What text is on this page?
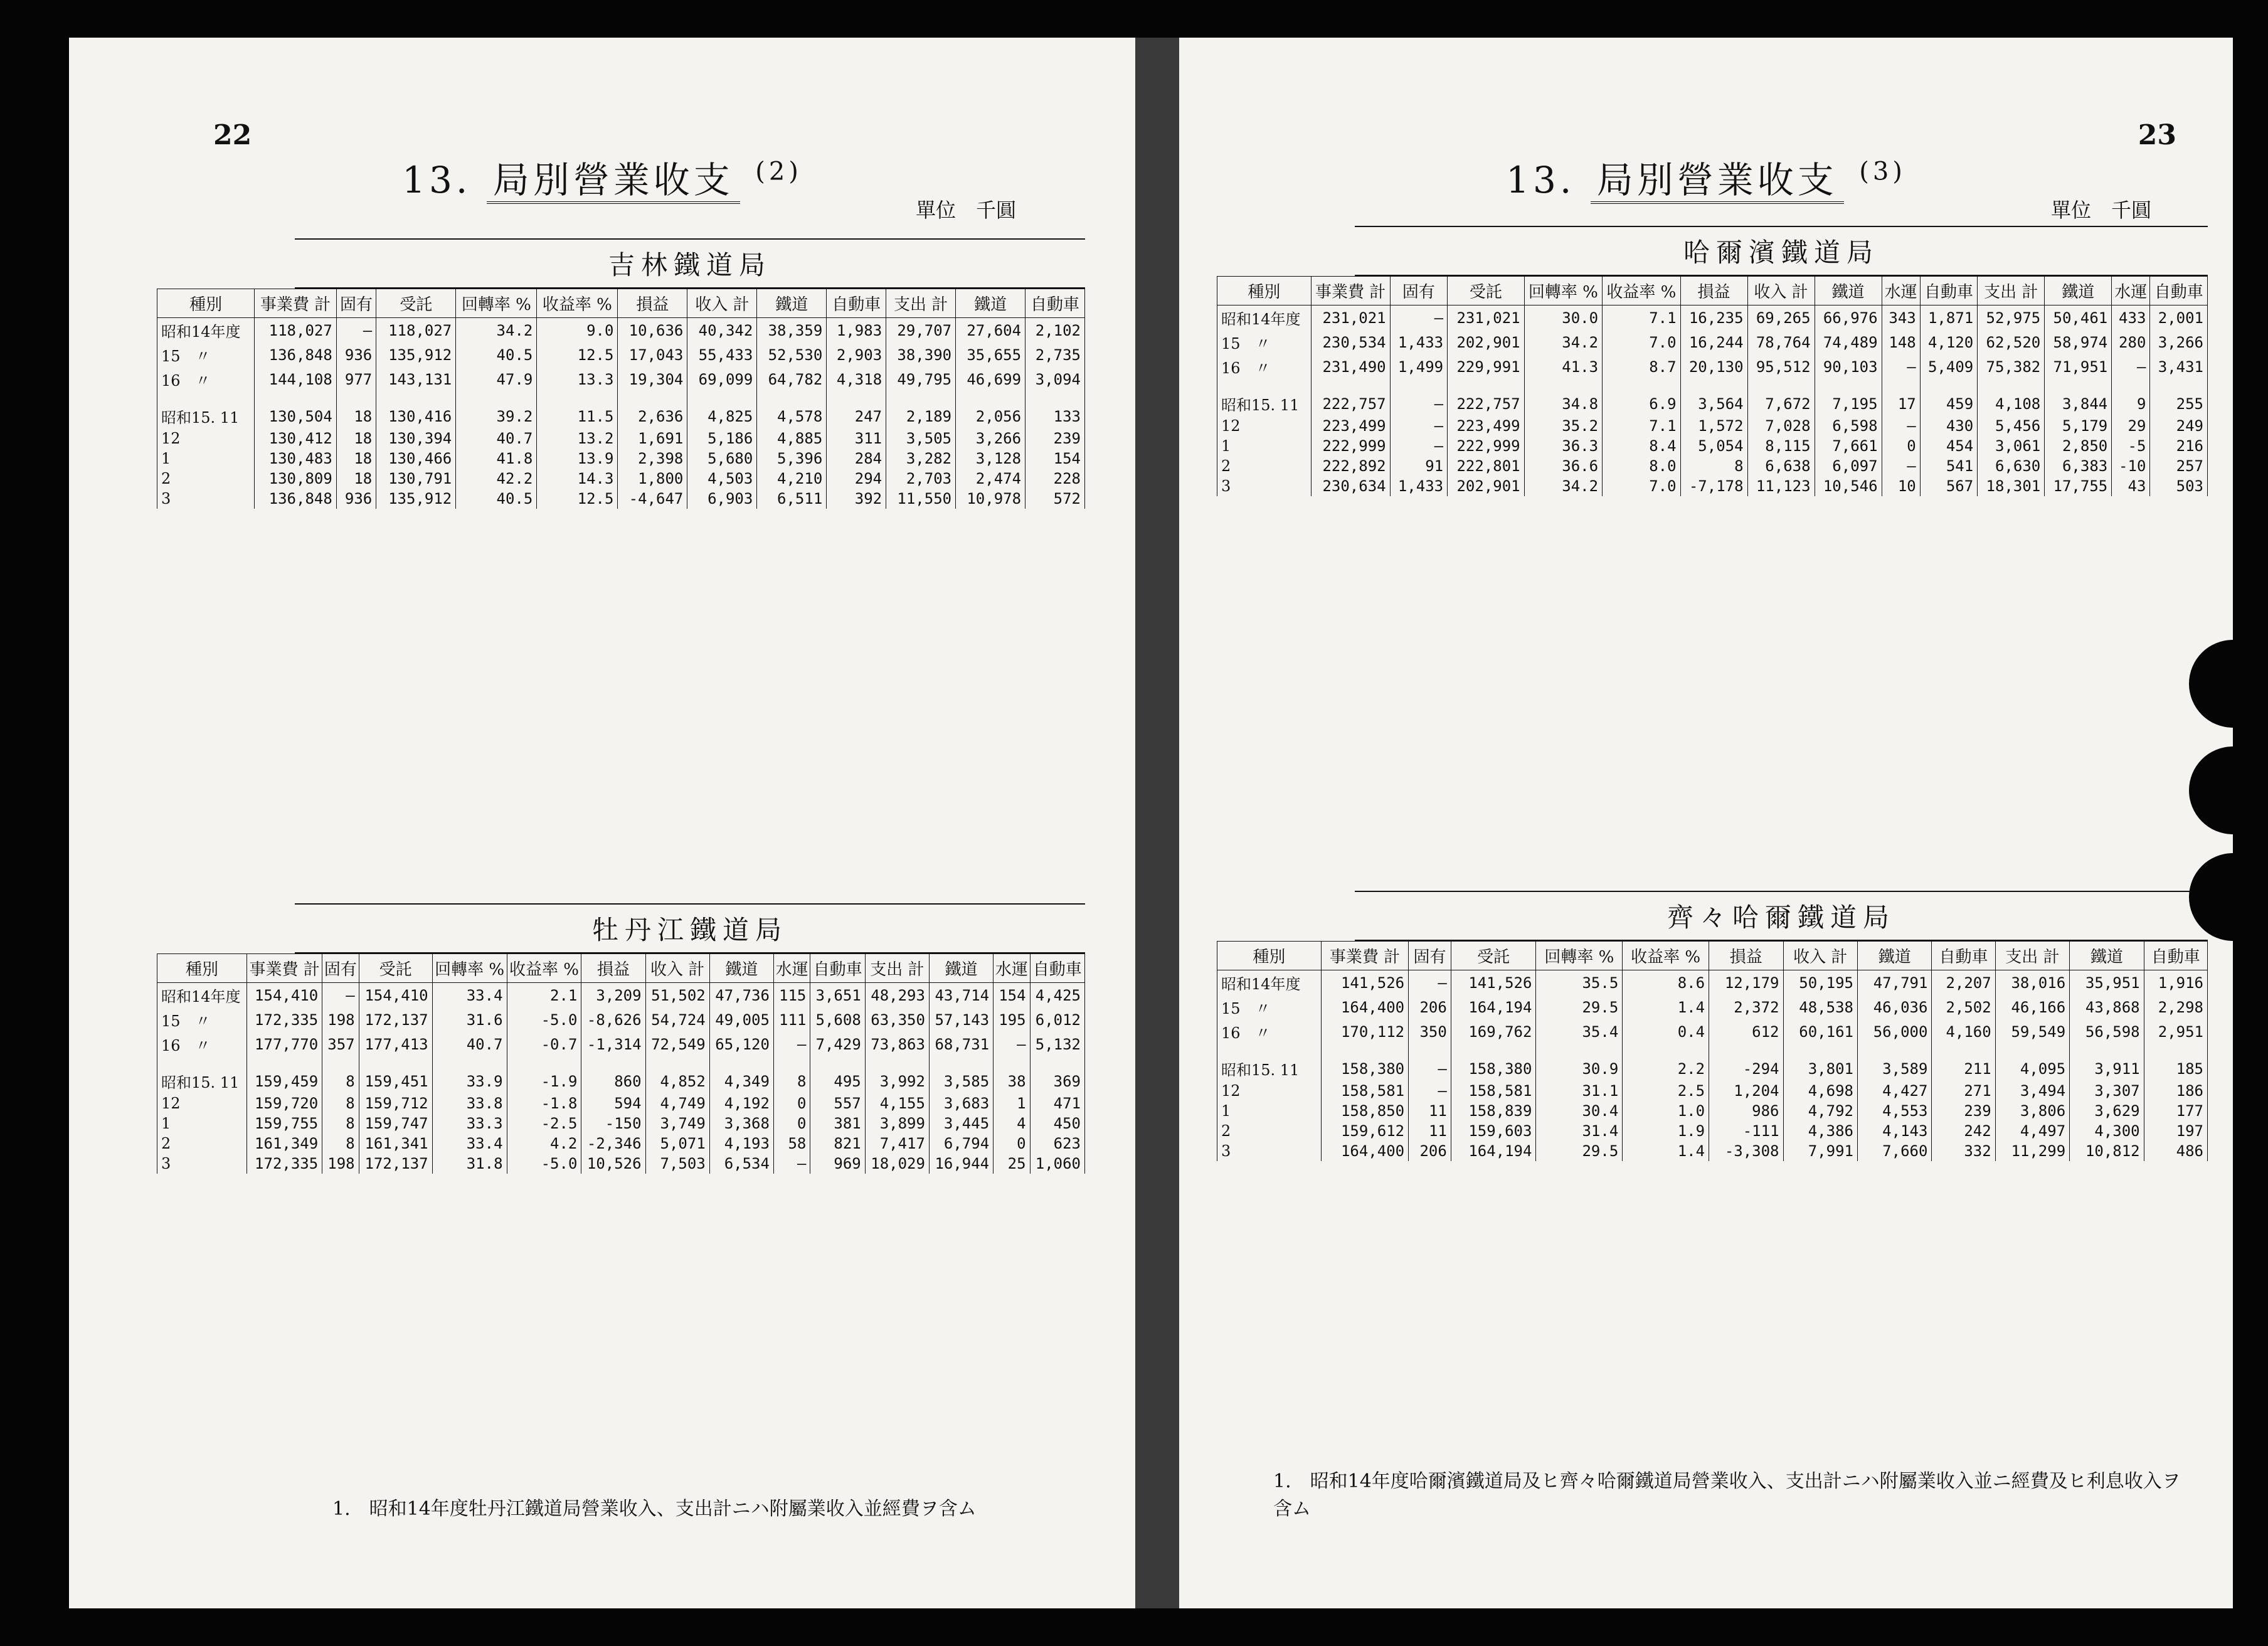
22
13. 局別營業收支 $^{(2)}$
單位　千圓
吉林鐵道局
種別	事業費 計	固有	受託	回轉率 %	收益率 %	損益	收入 計	鐵道	自動車	支出 計	鐵道	自動車
昭和14年度	118,027	—	118,027	34.2	9.0	10,636	40,342	38,359	1,983	29,707	27,604	2,102
15　〃	136,848	936	135,912	40.5	12.5	17,043	55,433	52,530	2,903	38,390	35,655	2,735
16　〃	144,108	977	143,131	47.9	13.3	19,304	69,099	64,782	4,318	49,795	46,699	3,094
昭和15. 11	130,504	18	130,416	39.2	11.5	2,636	4,825	4,578	247	2,189	2,056	133
12	130,412	18	130,394	40.7	13.2	1,691	5,186	4,885	311	3,505	3,266	239
1	130,483	18	130,466	41.8	13.9	2,398	5,680	5,396	284	3,282	3,128	154
2	130,809	18	130,791	42.2	14.3	1,800	4,503	4,210	294	2,703	2,474	228
3	136,848	936	135,912	40.5	12.5	-4,647	6,903	6,511	392	11,550	10,978	572
牡丹江鐵道局
種別	事業費 計	固有	受託	回轉率 %	收益率 %	損益	收入 計	鐵道	水運	自動車	支出 計	鐵道	水運	自動車
昭和14年度	154,410	—	154,410	33.4	2.1	3,209	51,502	47,736	115	3,651	48,293	43,714	154	4,425
15　〃	172,335	198	172,137	31.6	-5.0	-8,626	54,724	49,005	111	5,608	63,350	57,143	195	6,012
16　〃	177,770	357	177,413	40.7	-0.7	-1,314	72,549	65,120	—	7,429	73,863	68,731	—	5,132
昭和15. 11	159,459	8	159,451	33.9	-1.9	860	4,852	4,349	8	495	3,992	3,585	38	369
12	159,720	8	159,712	33.8	-1.8	594	4,749	4,192	0	557	4,155	3,683	1	471
1	159,755	8	159,747	33.3	-2.5	-150	3,749	3,368	0	381	3,899	3,445	4	450
2	161,349	8	161,341	33.4	4.2	-2,346	5,071	4,193	58	821	7,417	6,794	0	623
3	172,335	198	172,137	31.8	-5.0	10,526	7,503	6,534	—	969	18,029	16,944	25	1,060
1.　昭和14年度牡丹江鐵道局營業收入、支出計ニハ附屬業收入並經費ヲ含ム
23
13. 局別營業收支 $^{(3)}$
單位　千圓
哈爾濱鐵道局
種別	事業費 計	固有	受託	回轉率 %	收益率 %	損益	收入 計	鐵道	水運	自動車	支出 計	鐵道	水運	自動車
昭和14年度	231,021	—	231,021	30.0	7.1	16,235	69,265	66,976	343	1,871	52,975	50,461	433	2,001
15　〃	230,534	1,433	202,901	34.2	7.0	16,244	78,764	74,489	148	4,120	62,520	58,974	280	3,266
16　〃	231,490	1,499	229,991	41.3	8.7	20,130	95,512	90,103	—	5,409	75,382	71,951	—	3,431
昭和15. 11	222,757	—	222,757	34.8	6.9	3,564	7,672	7,195	17	459	4,108	3,844	9	255
12	223,499	—	223,499	35.2	7.1	1,572	7,028	6,598	—	430	5,456	5,179	29	249
1	222,999	—	222,999	36.3	8.4	5,054	8,115	7,661	0	454	3,061	2,850	-5	216
2	222,892	91	222,801	36.6	8.0	8	6,638	6,097	—	541	6,630	6,383	-10	257
3	230,634	1,433	202,901	34.2	7.0	-7,178	11,123	10,546	10	567	18,301	17,755	43	503
齊々哈爾鐵道局
種別	事業費 計	固有	受託	回轉率 %	收益率 %	損益	收入 計	鐵道	自動車	支出 計	鐵道	自動車
昭和14年度	141,526	—	141,526	35.5	8.6	12,179	50,195	47,791	2,207	38,016	35,951	1,916
15　〃	164,400	206	164,194	29.5	1.4	2,372	48,538	46,036	2,502	46,166	43,868	2,298
16　〃	170,112	350	169,762	35.4	0.4	612	60,161	56,000	4,160	59,549	56,598	2,951
昭和15. 11	158,380	—	158,380	30.9	2.2	-294	3,801	3,589	211	4,095	3,911	185
12	158,581	—	158,581	31.1	2.5	1,204	4,698	4,427	271	3,494	3,307	186
1	158,850	11	158,839	30.4	1.0	986	4,792	4,553	239	3,806	3,629	177
2	159,612	11	159,603	31.4	1.9	-111	4,386	4,143	242	4,497	4,300	197
3	164,400	206	164,194	29.5	1.4	-3,308	7,991	7,660	332	11,299	10,812	486
1.　昭和14年度哈爾濱鐵道局及ヒ齊々哈爾鐵道局營業收入、支出計ニハ附屬業收入並ニ經費及ヒ利息收入ヲ含ム
